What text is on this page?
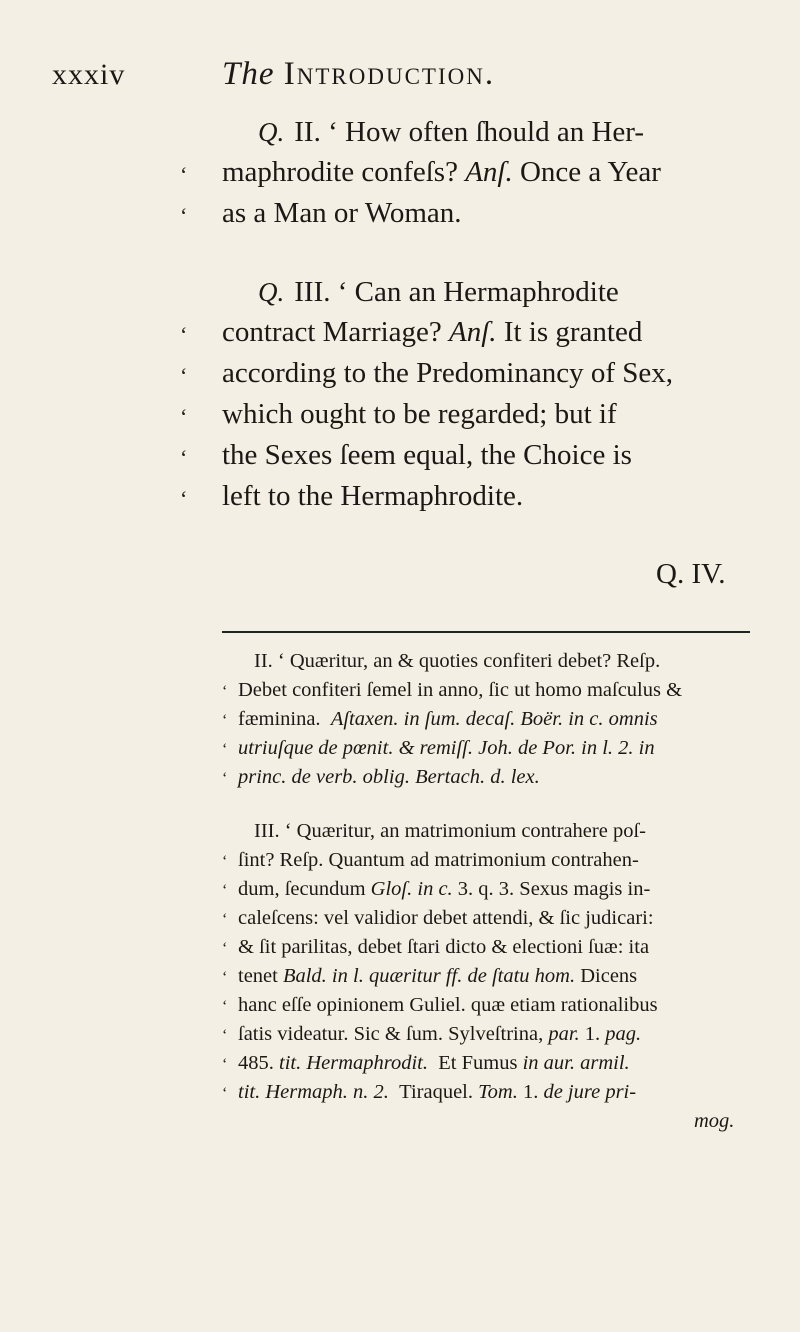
xxxiv	The Introduction.
Q. II. ‘ How often ſhould an Her-
‘ maphrodite confeſs? Anſ. Once a Year
‘ as a Man or Woman.
Q. III. ‘ Can an Hermaphrodite
‘ contract Marriage? Anſ. It is granted
‘ according to the Predominancy of Sex,
‘ which ought to be regarded; but if
‘ the Sexes ſeem equal, the Choice is
‘ left to the Hermaphrodite.
Q. IV.
II. ‘ Quæritur, an & quoties confiteri debet? Reſp.
‘ Debet confiteri ſemel in anno, ſic ut homo maſculus &
‘ fæminina. Aſtaxen. in ſum. decaſ. Boër. in c. omnis
‘ utriuſque de pœnit. & remiſſ. Joh. de Por. in l. 2. in
‘ princ. de verb. oblig. Bertach. d. lex.
III. ‘ Quæritur, an matrimonium contrahere poſ-
‘ ſint? Reſp. Quantum ad matrimonium contrahen-
‘ dum, ſecundum Gloſ. in c. 3. q. 3. Sexus magis in-
‘ caleſcens: vel validior debet attendi, & ſic judicari:
‘ & ſit parilitas, debet ſtari dicto & electioni ſuæ: ita
‘ tenet Bald. in l. quæritur ff. de ſtatu hom. Dicens
‘ hanc eſſe opinionem Guliel. quæ etiam rationalibus
‘ ſatis videatur. Sic & ſum. Sylveſtrina, par. 1. pag.
‘ 485. tit. Hermaphrodit. Et Fumus in aur. armil.
‘ tit. Hermaph. n. 2. Tiraquel. Tom. 1. de jure pri-
mog.
